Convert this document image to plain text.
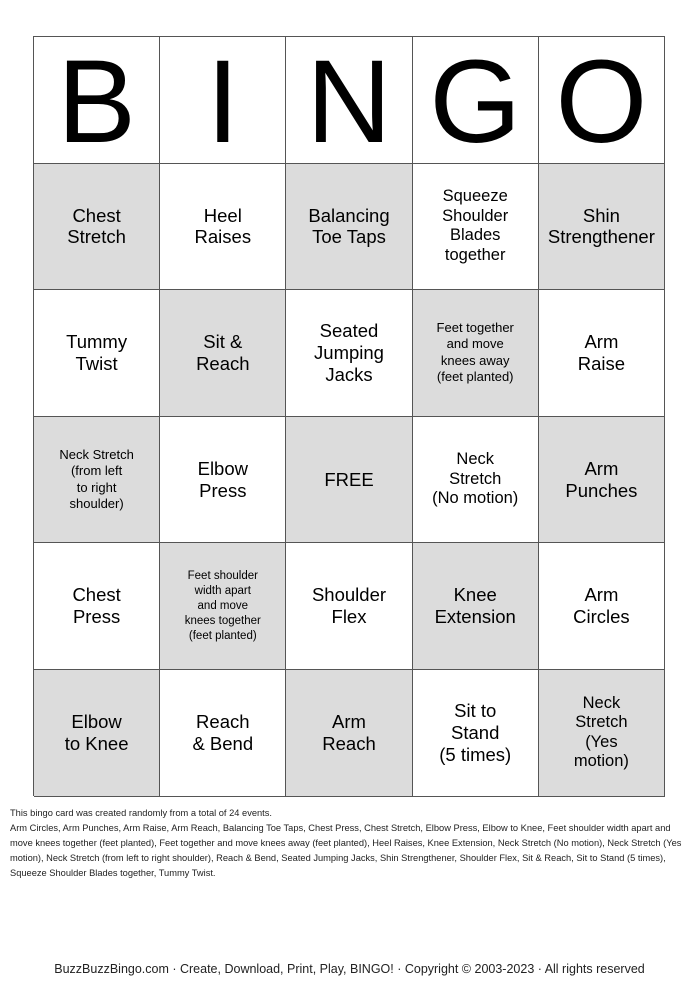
B I N G O
Chest
Stretch
Heel
Raises
Balancing
Toe Taps
Squeeze
Shoulder
Blades
together
Shin
Strengthener
Tummy
Twist
Sit &
Reach
Seated
Jumping
Jacks
Feet together
and move
knees away
(feet planted)
Arm
Raise
Neck Stretch
(from left
to right
shoulder)
Elbow
Press
FREE
Neck
Stretch
(No motion)
Arm
Punches
Chest
Press
Feet shoulder
width apart
and move
knees together
(feet planted)
Shoulder
Flex
Knee
Extension
Arm
Circles
Elbow
to Knee
Reach
& Bend
Arm
Reach
Sit to
Stand
(5 times)
Neck
Stretch
(Yes
motion)
This bingo card was created randomly from a total of 24 events.
Arm Circles, Arm Punches, Arm Raise, Arm Reach, Balancing Toe Taps, Chest Press, Chest Stretch, Elbow Press, Elbow to Knee, Feet shoulder width apart and move knees together (feet planted), Feet together and move knees away (feet planted), Heel Raises, Knee Extension, Neck Stretch (No motion), Neck Stretch (Yes motion), Neck Stretch (from left to right shoulder), Reach & Bend, Seated Jumping Jacks, Shin Strengthener, Shoulder Flex, Sit & Reach, Sit to Stand (5 times), Squeeze Shoulder Blades together, Tummy Twist.
BuzzBuzzBingo.com · Create, Download, Print, Play, BINGO! · Copyright © 2003-2023 · All rights reserved
